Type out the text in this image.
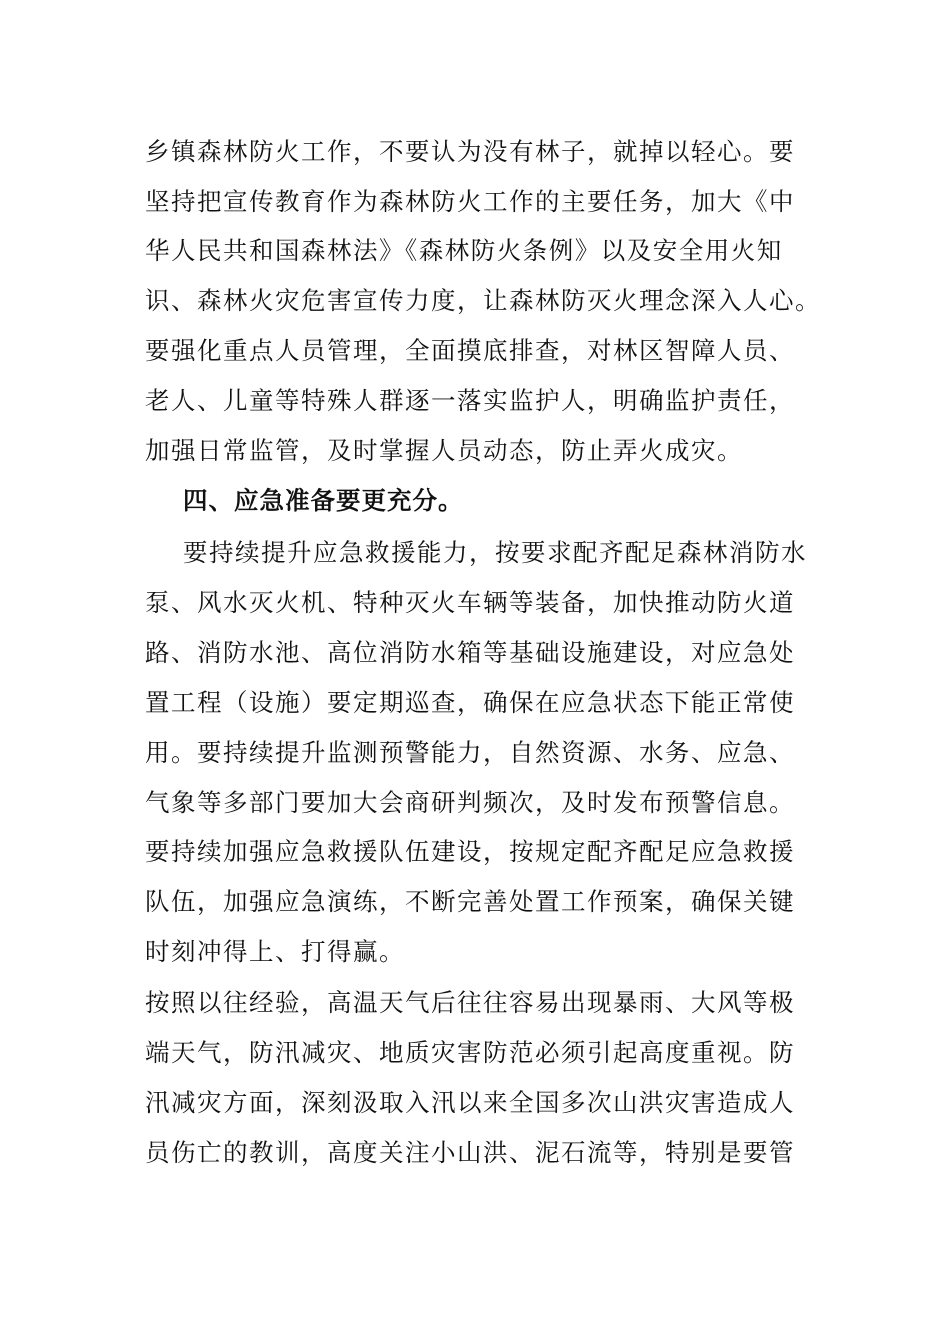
乡镇森林防火工作，不要认为没有林子，就掉以轻心。要
坚持把宣传教育作为森林防火工作的主要任务，加大《中
华人民共和国森林法》《森林防火条例》以及安全用火知
识、森林火灾危害宣传力度，让森林防灭火理念深入人心。
要强化重点人员管理，全面摸底排查，对林区智障人员、
老人、儿童等特殊人群逐一落实监护人，明确监护责任，
加强日常监管，及时掌握人员动态，防止弄火成灾。
四、应急准备要更充分。
要持续提升应急救援能力，按要求配齐配足森林消防水
泵、风水灭火机、特种灭火车辆等装备，加快推动防火道
路、消防水池、高位消防水箱等基础设施建设，对应急处
置工程（设施）要定期巡查，确保在应急状态下能正常使
用。要持续提升监测预警能力，自然资源、水务、应急、
气象等多部门要加大会商研判频次，及时发布预警信息。
要持续加强应急救援队伍建设，按规定配齐配足应急救援
队伍，加强应急演练，不断完善处置工作预案，确保关键
时刻冲得上、打得赢。
按照以往经验，高温天气后往往容易出现暴雨、大风等极
端天气，防汛减灾、地质灾害防范必须引起高度重视。防
汛减灾方面，深刻汲取入汛以来全国多次山洪灾害造成人
员伤亡的教训，高度关注小山洪、泥石流等，特别是要管
